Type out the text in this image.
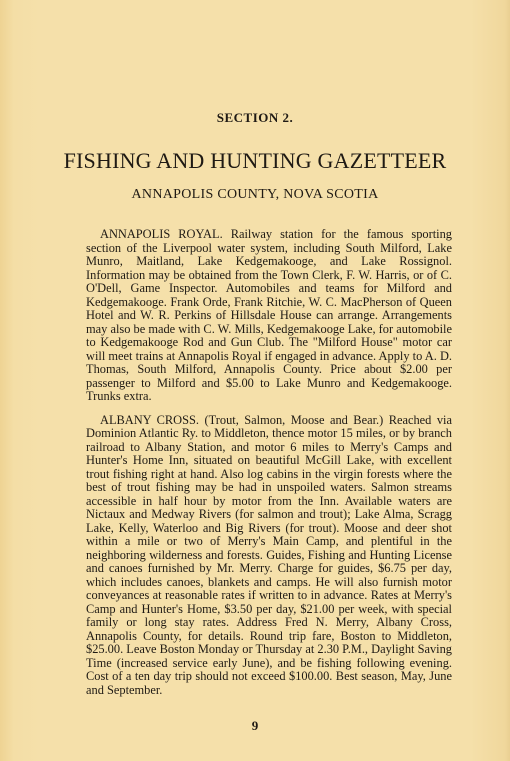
SECTION 2.
FISHING AND HUNTING GAZETTEER
ANNAPOLIS COUNTY, NOVA SCOTIA

ANNAPOLIS ROYAL. Railway station for the famous sporting section of the Liverpool water system, including South Milford, Lake Munro, Maitland, Lake Kedgemakooge, and Lake Rossignol. Information may be obtained from the Town Clerk, F. W. Harris, or of C. O'Dell, Game Inspector. Automobiles and teams for Milford and Kedgemakooge. Frank Orde, Frank Ritchie, W. C. MacPherson of Queen Hotel and W. R. Perkins of Hillsdale House can arrange. Arrangements may also be made with C. W. Mills, Kedgemakooge Lake, for automobile to Kedgemakooge Rod and Gun Club. The "Milford House" motor car will meet trains at Annapolis Royal if engaged in advance. Apply to A. D. Thomas, South Milford, Annapolis County. Price about $2.00 per passenger to Milford and $5.00 to Lake Munro and Kedgemakooge. Trunks extra.

ALBANY CROSS. (Trout, Salmon, Moose and Bear.) Reached via Dominion Atlantic Ry. to Middleton, thence motor 15 miles, or by branch railroad to Albany Station, and motor 6 miles to Merry's Camps and Hunter's Home Inn, situated on beautiful McGill Lake, with excellent trout fishing right at hand. Also log cabins in the virgin forests where the best of trout fishing may be had in unspoiled waters. Salmon streams accessible in half hour by motor from the Inn. Available waters are Nictaux and Medway Rivers (for salmon and trout); Lake Alma, Scragg Lake, Kelly, Waterloo and Big Rivers (for trout). Moose and deer shot within a mile or two of Merry's Main Camp, and plentiful in the neighboring wilderness and forests. Guides, Fishing and Hunting License and canoes furnished by Mr. Merry. Charge for guides, $6.75 per day, which includes canoes, blankets and camps. He will also furnish motor conveyances at reasonable rates if written to in advance. Rates at Merry's Camp and Hunter's Home, $3.50 per day, $21.00 per week, with special family or long stay rates. Address Fred N. Merry, Albany Cross, Annapolis County, for details. Round trip fare, Boston to Middleton, $25.00. Leave Boston Monday or Thursday at 2.30 P.M., Daylight Saving Time (increased service early June), and be fishing following evening. Cost of a ten day trip should not exceed $100.00. Best season, May, June and September.

9
